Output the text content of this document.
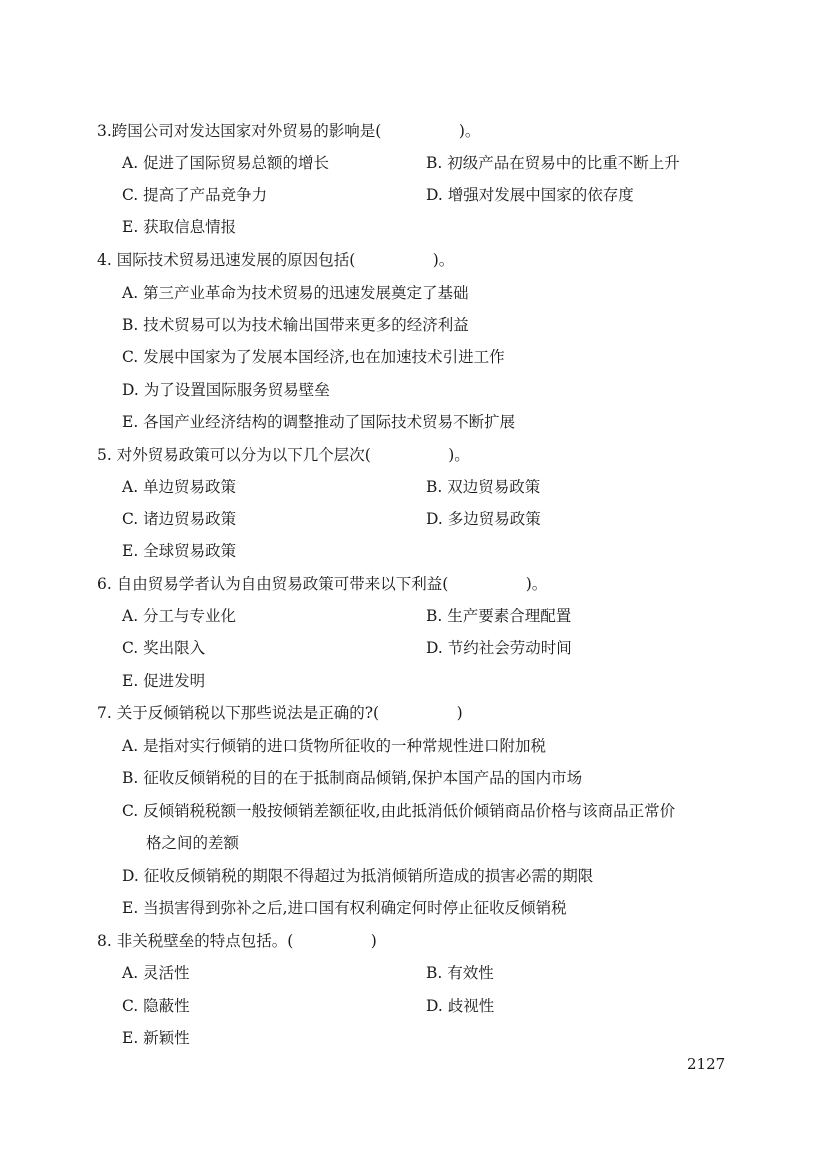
3.跨国公司对发达国家对外贸易的影响是(　　　　　)。
A. 促进了国际贸易总额的增长	B. 初级产品在贸易中的比重不断上升
C. 提高了产品竞争力	D. 增强对发展中国家的依存度
E. 获取信息情报
4. 国际技术贸易迅速发展的原因包括(　　　　　)。
A. 第三产业革命为技术贸易的迅速发展奠定了基础
B. 技术贸易可以为技术输出国带来更多的经济利益
C. 发展中国家为了发展本国经济,也在加速技术引进工作
D. 为了设置国际服务贸易壁垒
E. 各国产业经济结构的调整推动了国际技术贸易不断扩展
5. 对外贸易政策可以分为以下几个层次(　　　　　)。
A. 单边贸易政策	B. 双边贸易政策
C. 诸边贸易政策	D. 多边贸易政策
E. 全球贸易政策
6. 自由贸易学者认为自由贸易政策可带来以下利益(　　　　　)。
A. 分工与专业化	B. 生产要素合理配置
C. 奖出限入	D. 节约社会劳动时间
E. 促进发明
7. 关于反倾销税以下那些说法是正确的?(　　　　　)
A. 是指对实行倾销的进口货物所征收的一种常规性进口附加税
B. 征收反倾销税的目的在于抵制商品倾销,保护本国产品的国内市场
C. 反倾销税税额一般按倾销差额征收,由此抵消低价倾销商品价格与该商品正常价
格之间的差额
D. 征收反倾销税的期限不得超过为抵消倾销所造成的损害必需的期限
E. 当损害得到弥补之后,进口国有权利确定何时停止征收反倾销税
8. 非关税壁垒的特点包括。(　　　　　)
A. 灵活性	B. 有效性
C. 隐蔽性	D. 歧视性
E. 新颖性
2127
